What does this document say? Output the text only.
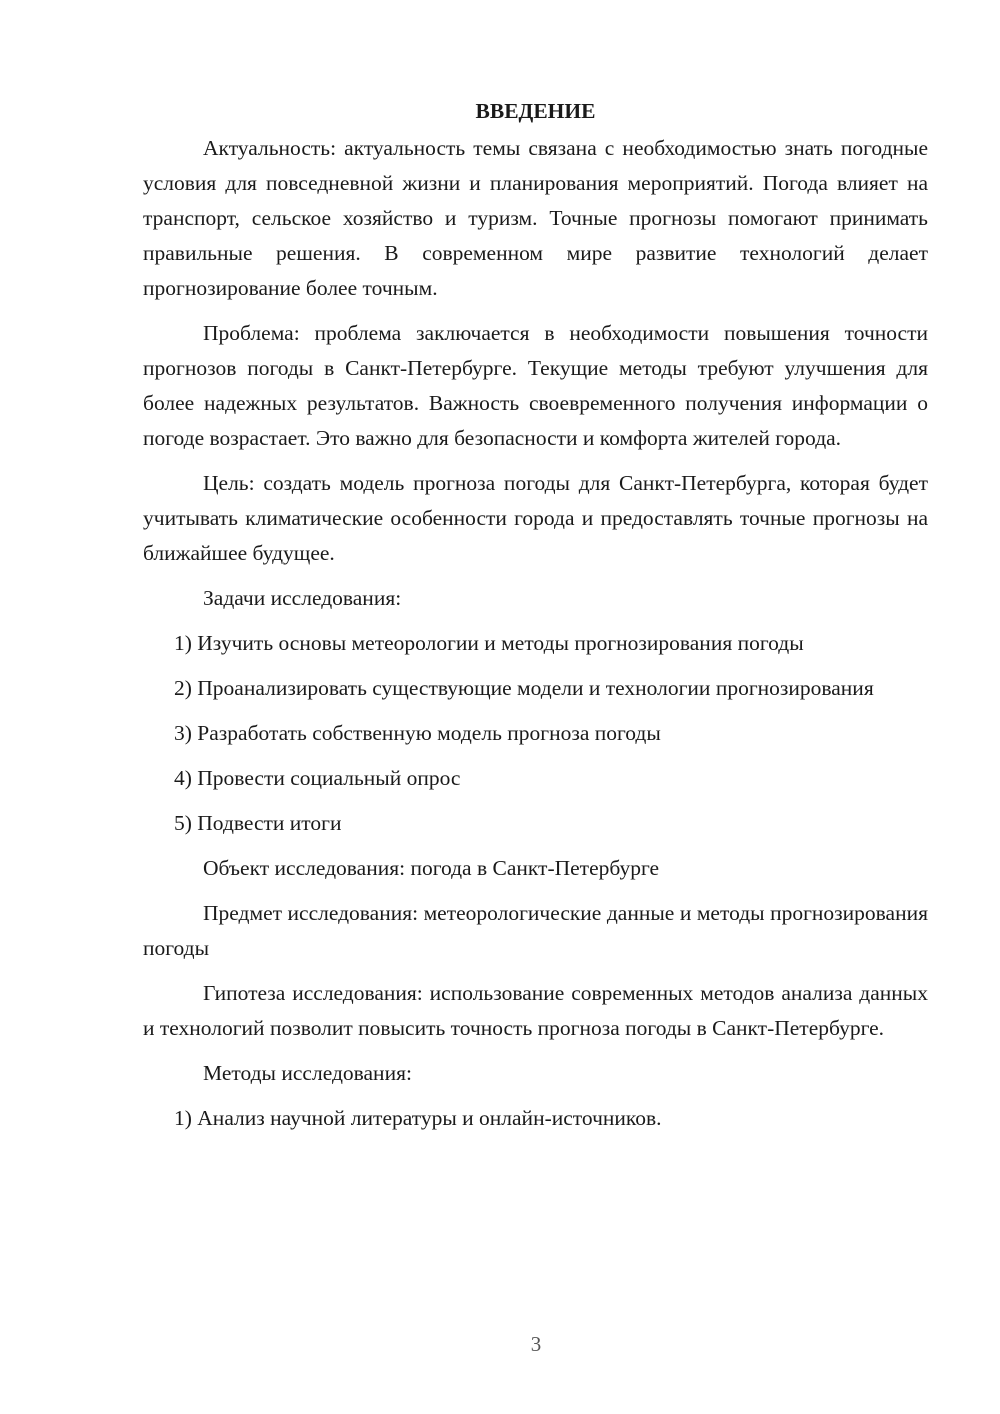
ВВЕДЕНИЕ

Актуальность: актуальность темы связана с необходимостью знать погодные условия для повседневной жизни и планирования мероприятий. Погода влияет на транспорт, сельское хозяйство и туризм. Точные прогнозы помогают принимать правильные решения. В современном мире развитие технологий делает прогнозирование более точным.

Проблема: проблема заключается в необходимости повышения точности прогнозов погоды в Санкт-Петербурге. Текущие методы требуют улучшения для более надежных результатов. Важность своевременного получения информации о погоде возрастает. Это важно для безопасности и комфорта жителей города.

Цель: создать модель прогноза погоды для Санкт-Петербурга, которая будет учитывать климатические особенности города и предоставлять точные прогнозы на ближайшее будущее.

Задачи исследования:

1) Изучить основы метеорологии и методы прогнозирования погоды

2) Проанализировать существующие модели и технологии прогнозирования

3) Разработать собственную модель прогноза погоды

4) Провести социальный опрос

5) Подвести итоги

Объект исследования: погода в Санкт-Петербурге

Предмет исследования: метеорологические данные и методы прогнозирования погоды

Гипотеза исследования: использование современных методов анализа данных и технологий позволит повысить точность прогноза погоды в Санкт-Петербурге.

Методы исследования:

1) Анализ научной литературы и онлайн-источников.

3
